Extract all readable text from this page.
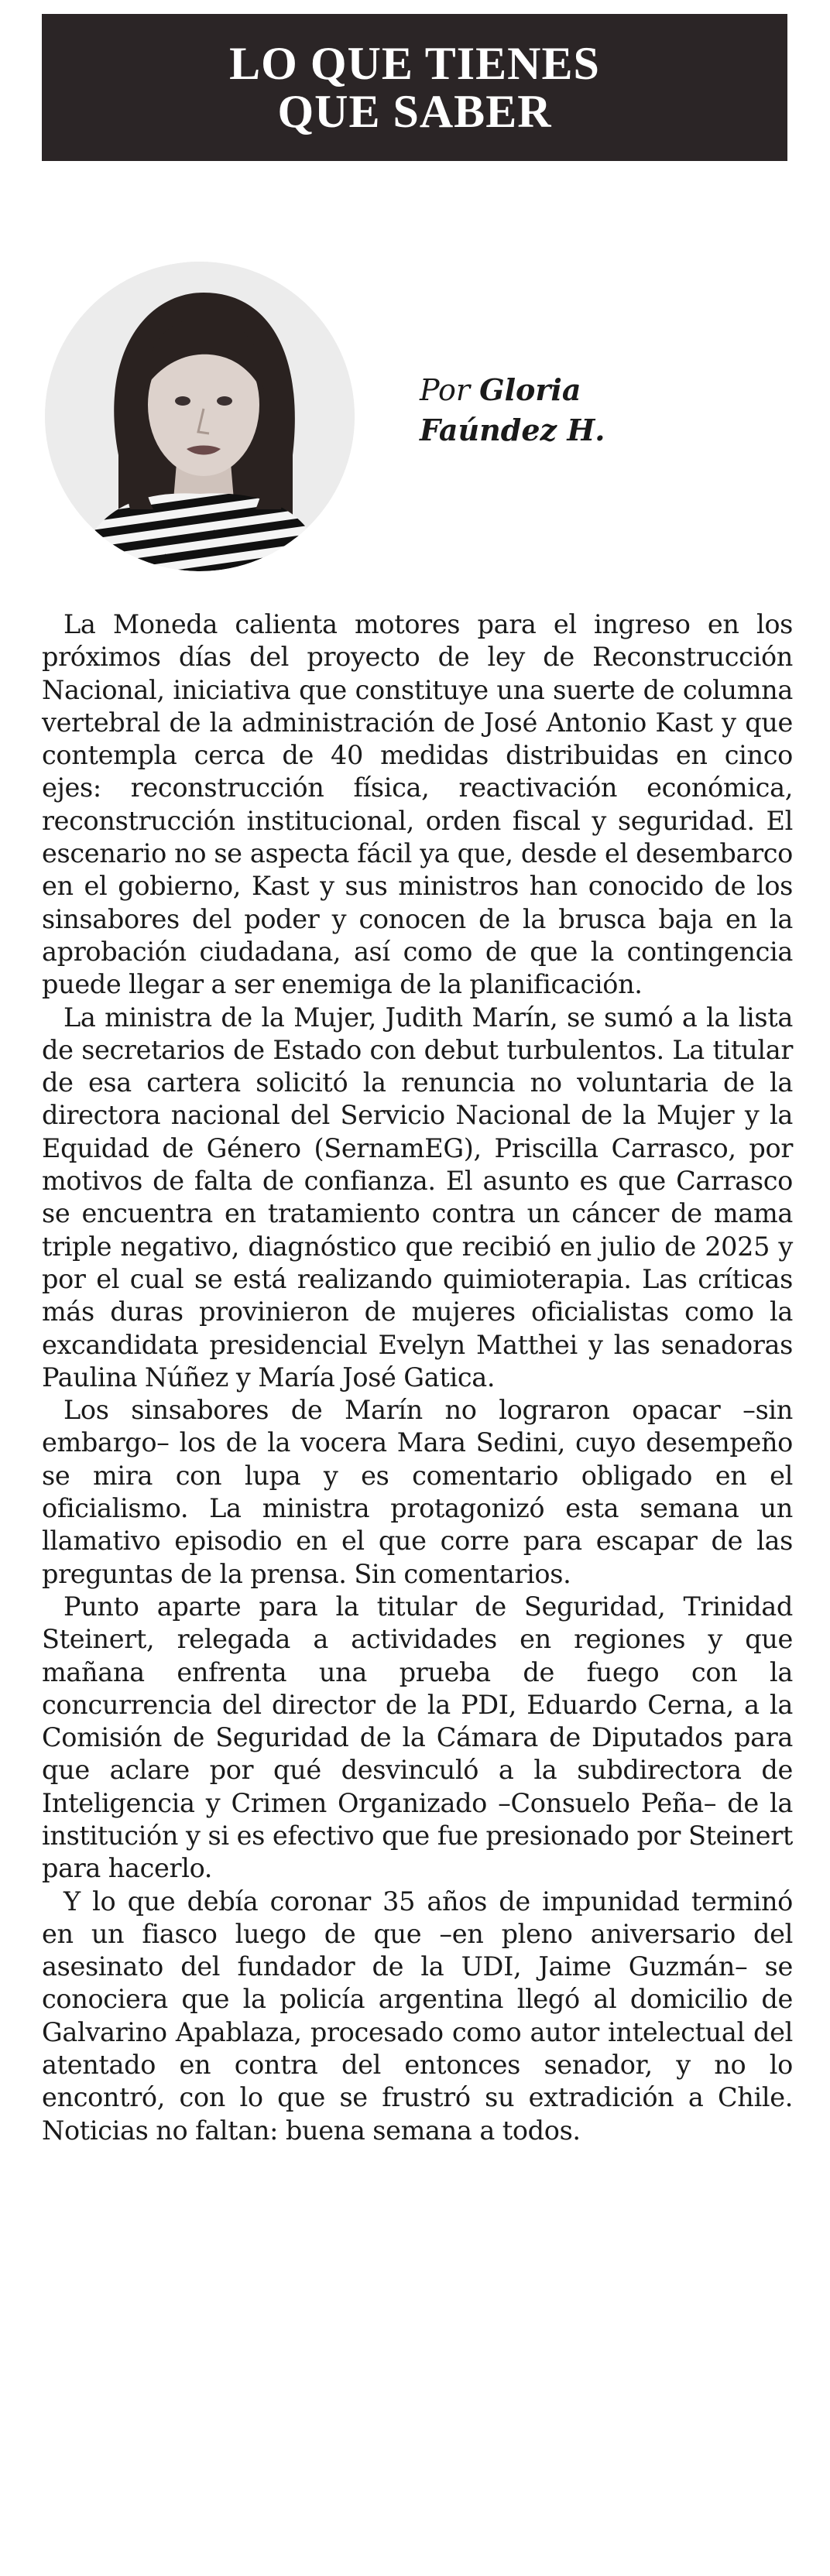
LO QUE TIENES
QUE SABER
Por Gloria
Faúndez H.

La Moneda calienta motores para el ingreso en los próximos días del proyecto de ley de Reconstrucción Nacional, iniciativa que constituye una suerte de columna vertebral de la administración de José Antonio Kast y que contempla cerca de 40 medidas distribuidas en cinco ejes: reconstrucción física, reactivación económica, reconstrucción institucional, orden fiscal y seguridad. El escenario no se aspecta fácil ya que, desde el desembarco en el gobierno, Kast y sus ministros han conocido de los sinsabores del poder y conocen de la brusca baja en la aprobación ciudadana, así como de que la contingencia puede llegar a ser enemiga de la planificación.

La ministra de la Mujer, Judith Marín, se sumó a la lista de secretarios de Estado con debut turbulentos. La titular de esa cartera solicitó la renuncia no voluntaria de la directora nacional del Servicio Nacional de la Mujer y la Equidad de Género (SernamEG), Priscilla Carrasco, por motivos de falta de confianza. El asunto es que Carrasco se encuentra en tratamiento contra un cáncer de mama triple negativo, diagnóstico que recibió en julio de 2025 y por el cual se está realizando quimioterapia. Las críticas más duras provinieron de mujeres oficialistas como la excandidata presidencial Evelyn Matthei y las senadoras Paulina Núñez y María José Gatica.

Los sinsabores de Marín no lograron opacar –sin embargo– los de la vocera Mara Sedini, cuyo desempeño se mira con lupa y es comentario obligado en el oficialismo. La ministra protagonizó esta semana un llamativo episodio en el que corre para escapar de las preguntas de la prensa. Sin comentarios.

Punto aparte para la titular de Seguridad, Trinidad Steinert, relegada a actividades en regiones y que mañana enfrenta una prueba de fuego con la concurrencia del director de la PDI, Eduardo Cerna, a la Comisión de Seguridad de la Cámara de Diputados para que aclare por qué desvinculó a la subdirectora de Inteligencia y Crimen Organizado –Consuelo Peña– de la institución y si es efectivo que fue presionado por Steinert para hacerlo.

Y lo que debía coronar 35 años de impunidad terminó en un fiasco luego de que –en pleno aniversario del asesinato del fundador de la UDI, Jaime Guzmán– se conociera que la policía argentina llegó al domicilio de Galvarino Apablaza, procesado como autor intelectual del atentado en contra del entonces senador, y no lo encontró, con lo que se frustró su extradición a Chile. Noticias no faltan: buena semana a todos.
